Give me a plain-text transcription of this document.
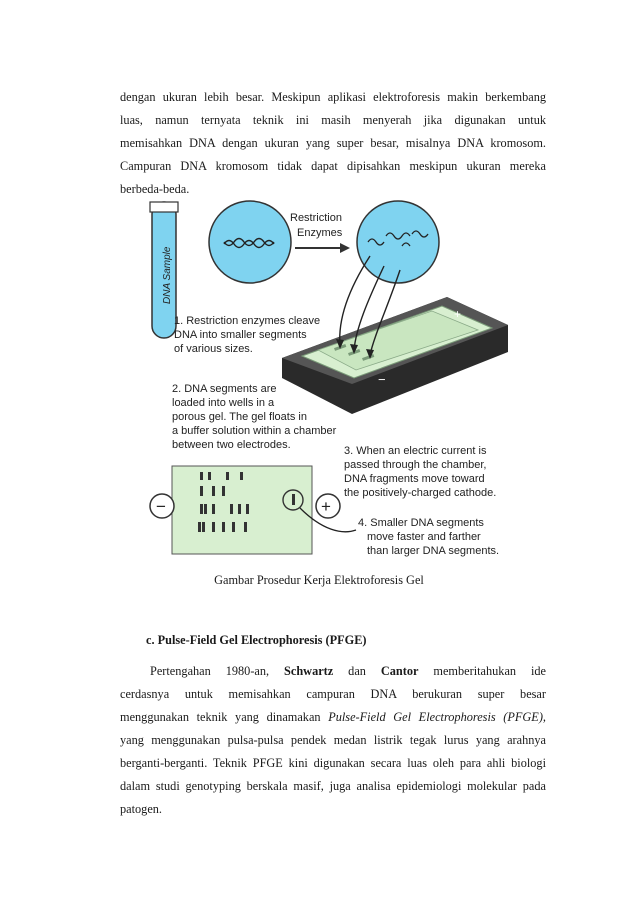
dengan ukuran lebih besar. Meskipun aplikasi elektroforesis makin berkembang
luas, namun ternyata teknik ini masih menyerah jika digunakan untuk
memisahkan DNA dengan ukuran yang super besar, misalnya DNA kromosom.
Campuran DNA kromosom tidak dapat dipisahkan meskipun ukuran mereka
berbeda-beda.
DNA Sample
Restriction
Enzymes
1. Restriction enzymes cleave
DNA into smaller segments
of various sizes.
−
+
2. DNA segments are
loaded into wells in a
porous gel. The gel floats in
a buffer solution within a chamber
between two electrodes.	3. When an electric current is
passed through the chamber,
DNA fragments move toward
the positively-charged cathode.
−	+
4. Smaller DNA segments
move faster and farther
than larger DNA segments.
Gambar Prosedur Kerja Elektroforesis Gel
c. Pulse-Field Gel Electrophoresis (PFGE)
Pertengahan 1980-an, Schwartz dan Cantor memberitahukan ide
cerdasnya untuk memisahkan campuran DNA berukuran super besar
menggunakan teknik yang dinamakan Pulse-Field Gel Electrophoresis (PFGE),
yang menggunakan pulsa-pulsa pendek medan listrik tegak lurus yang arahnya
berganti-berganti. Teknik PFGE kini digunakan secara luas oleh para ahli biologi
dalam studi genotyping berskala masif, juga analisa epidemiologi molekular pada
patogen.
